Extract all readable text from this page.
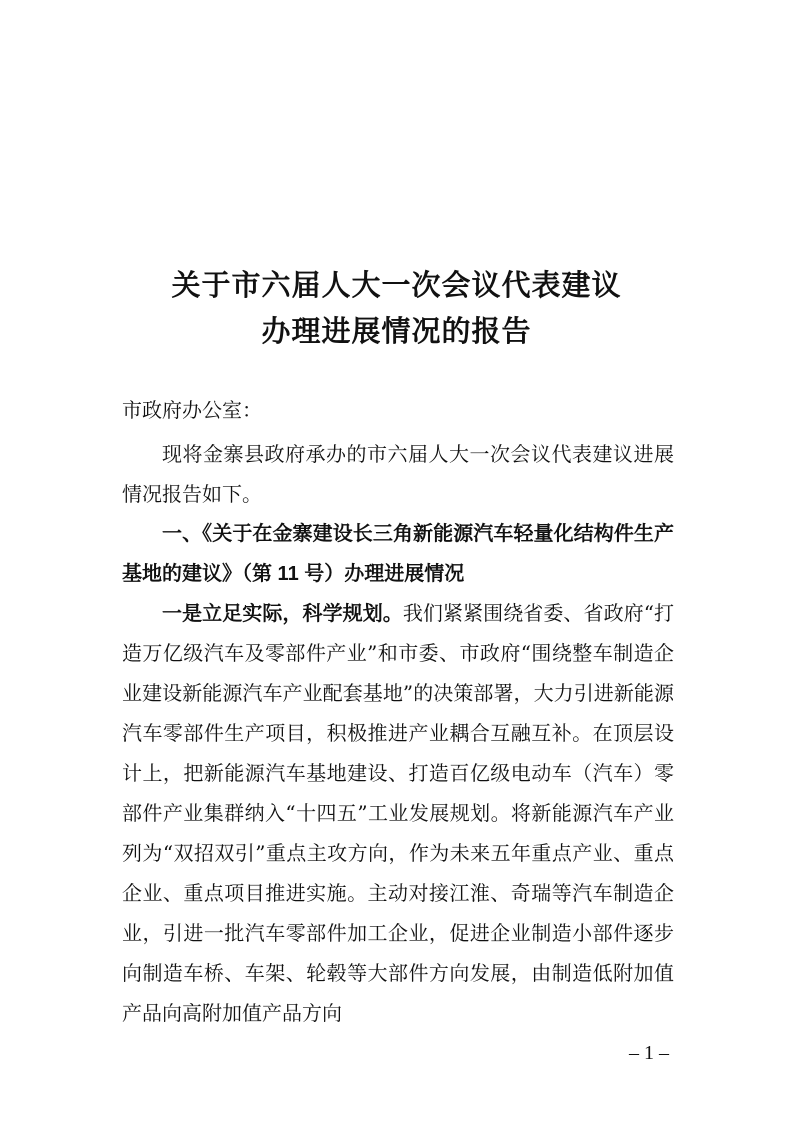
关于市六届人大一次会议代表建议
办理进展情况的报告
市政府办公室：
现将金寨县政府承办的市六届人大一次会议代表建议进展情况报告如下。
一、《关于在金寨建设长三角新能源汽车轻量化结构件生产基地的建议》（第 11 号）办理进展情况
一是立足实际，科学规划。我们紧紧围绕省委、省政府“打造万亿级汽车及零部件产业”和市委、市政府“围绕整车制造企业建设新能源汽车产业配套基地”的决策部署，大力引进新能源汽车零部件生产项目，积极推进产业耦合互融互补。在顶层设计上，把新能源汽车基地建设、打造百亿级电动车（汽车）零部件产业集群纳入“十四五”工业发展规划。将新能源汽车产业列为“双招双引”重点主攻方向，作为未来五年重点产业、重点企业、重点项目推进实施。主动对接江淮、奇瑞等汽车制造企业，引进一批汽车零部件加工企业，促进企业制造小部件逐步向制造车桥、车架、轮毂等大部件方向发展，由制造低附加值产品向高附加值产品方向
– 1 –
